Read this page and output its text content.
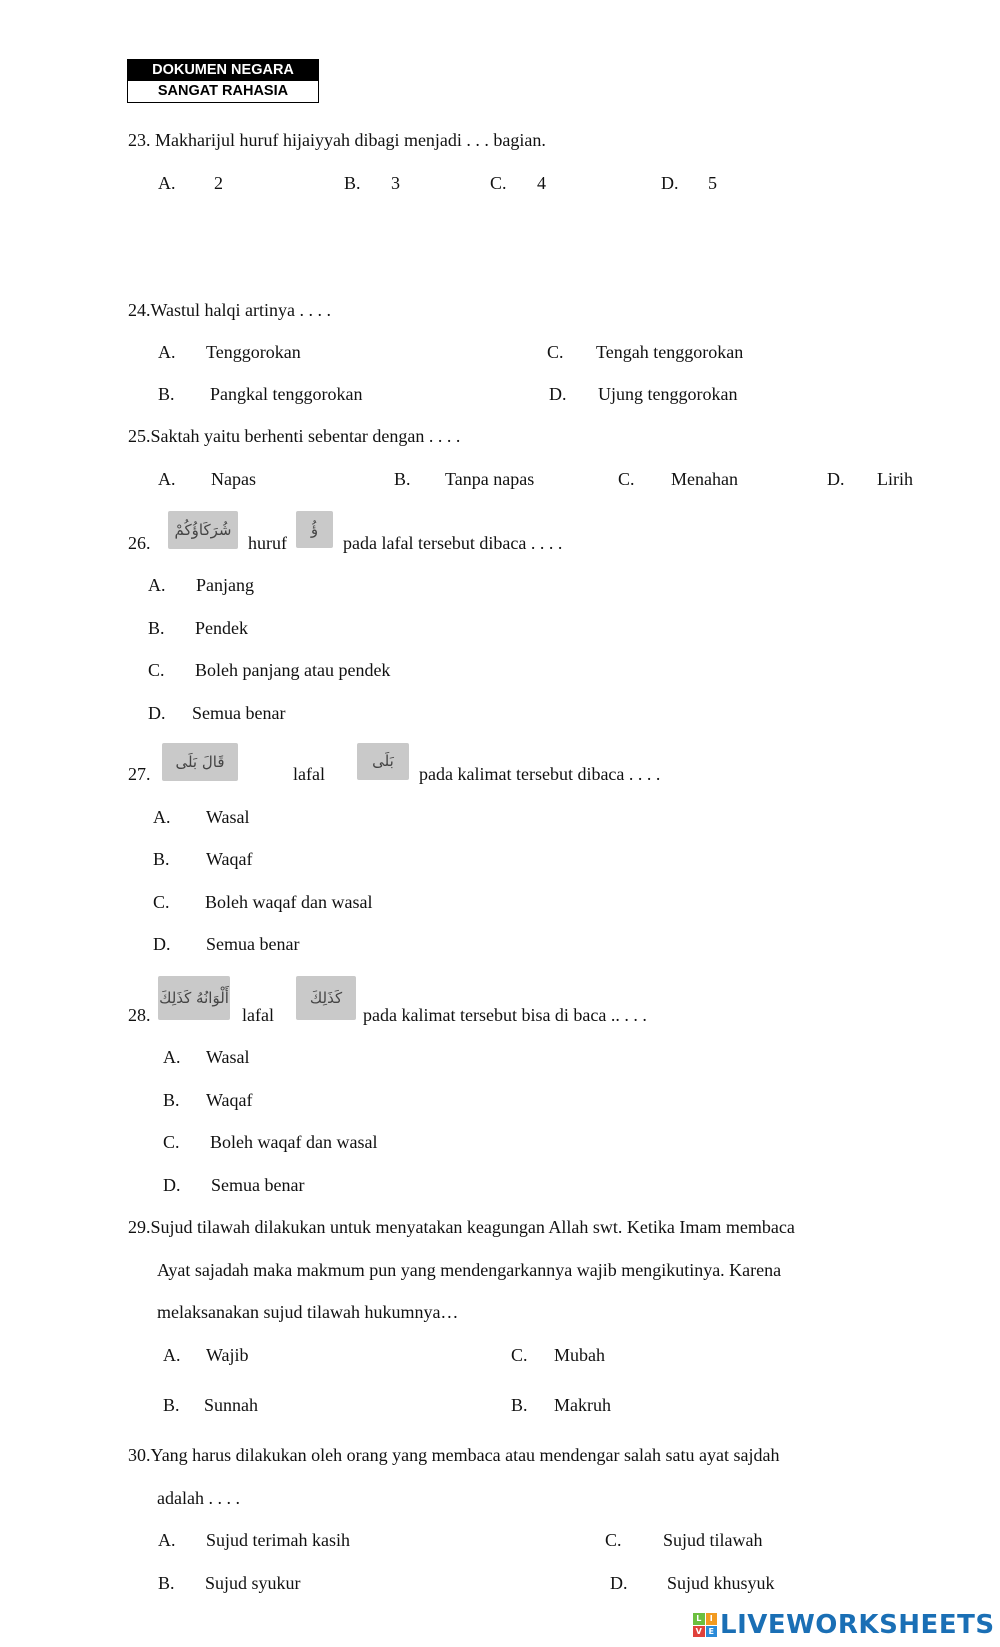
DOKUMEN NEGARA
SANGAT RAHASIA
23. Makharijul huruf hijaiyyah dibagi menjadi . . . bagian.
A. 2	B. 3	C. 4	D. 5
24.Wastul halqi artinya . . . .
A. Tenggorokan	C. Tengah tenggorokan
B. Pangkal tenggorokan	D. Ujung tenggorokan
25.Saktah yaitu berhenti sebentar dengan . . . .
A. Napas	B. Tanpa napas	C. Menahan	D. Lirih
26.
شُرَكَاؤُكُمْ
huruf
ؤُ
pada lafal tersebut dibaca . . . .
A. Panjang
B. Pendek
C. Boleh panjang atau pendek
D. Semua benar
27.
قَالَ بَلَى
lafal
بَلَى
pada kalimat tersebut dibaca . . . .
A. Wasal
B. Waqaf
C. Boleh waqaf dan wasal
D. Semua benar
28.
أَلْوَانُهُ كَذَلِكَ
lafal
كَذَلِكَ
pada kalimat tersebut bisa di baca .. . . .
A. Wasal
B. Waqaf
C. Boleh waqaf dan wasal
D. Semua benar
29.Sujud tilawah dilakukan untuk menyatakan keagungan Allah swt. Ketika Imam membaca
Ayat sajadah maka makmum pun yang mendengarkannya wajib mengikutinya. Karena
melaksanakan sujud tilawah hukumnya…
A. Wajib	C. Mubah
B. Sunnah	B. Makruh
30.Yang harus dilakukan oleh orang yang membaca atau mendengar salah satu ayat sajdah
adalah . . . .
A. Sujud terimah kasih	C. Sujud tilawah
B. Sujud syukur	D. Sujud khusyuk
L	I
V E LIVEWORKSHEETS
